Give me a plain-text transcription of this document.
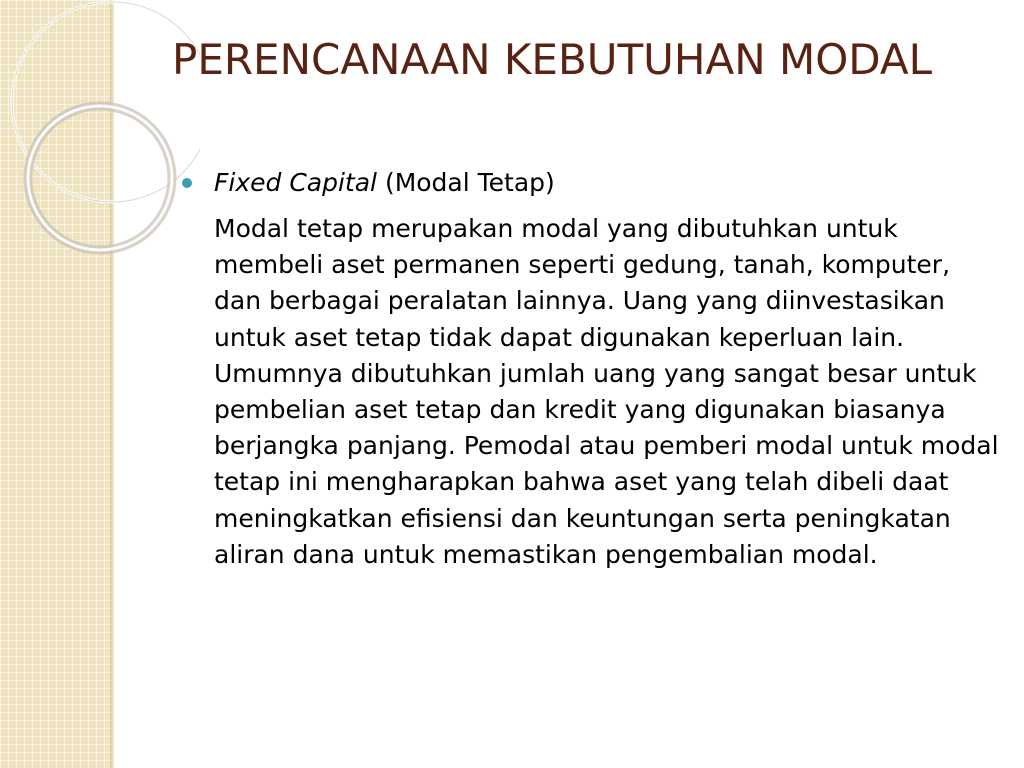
PERENCANAAN KEBUTUHAN MODAL
Fixed Capital (Modal Tetap)
Modal tetap merupakan modal yang dibutuhkan untuk membeli aset permanen seperti gedung, tanah, komputer, dan berbagai peralatan lainnya. Uang yang diinvestasikan untuk aset tetap tidak dapat digunakan keperluan lain. Umumnya dibutuhkan jumlah uang yang sangat besar untuk pembelian aset tetap dan kredit yang digunakan biasanya berjangka panjang. Pemodal atau pemberi modal untuk modal tetap ini mengharapkan bahwa aset yang telah dibeli daat meningkatkan efisiensi dan keuntungan serta peningkatan aliran dana untuk memastikan pengembalian modal.
